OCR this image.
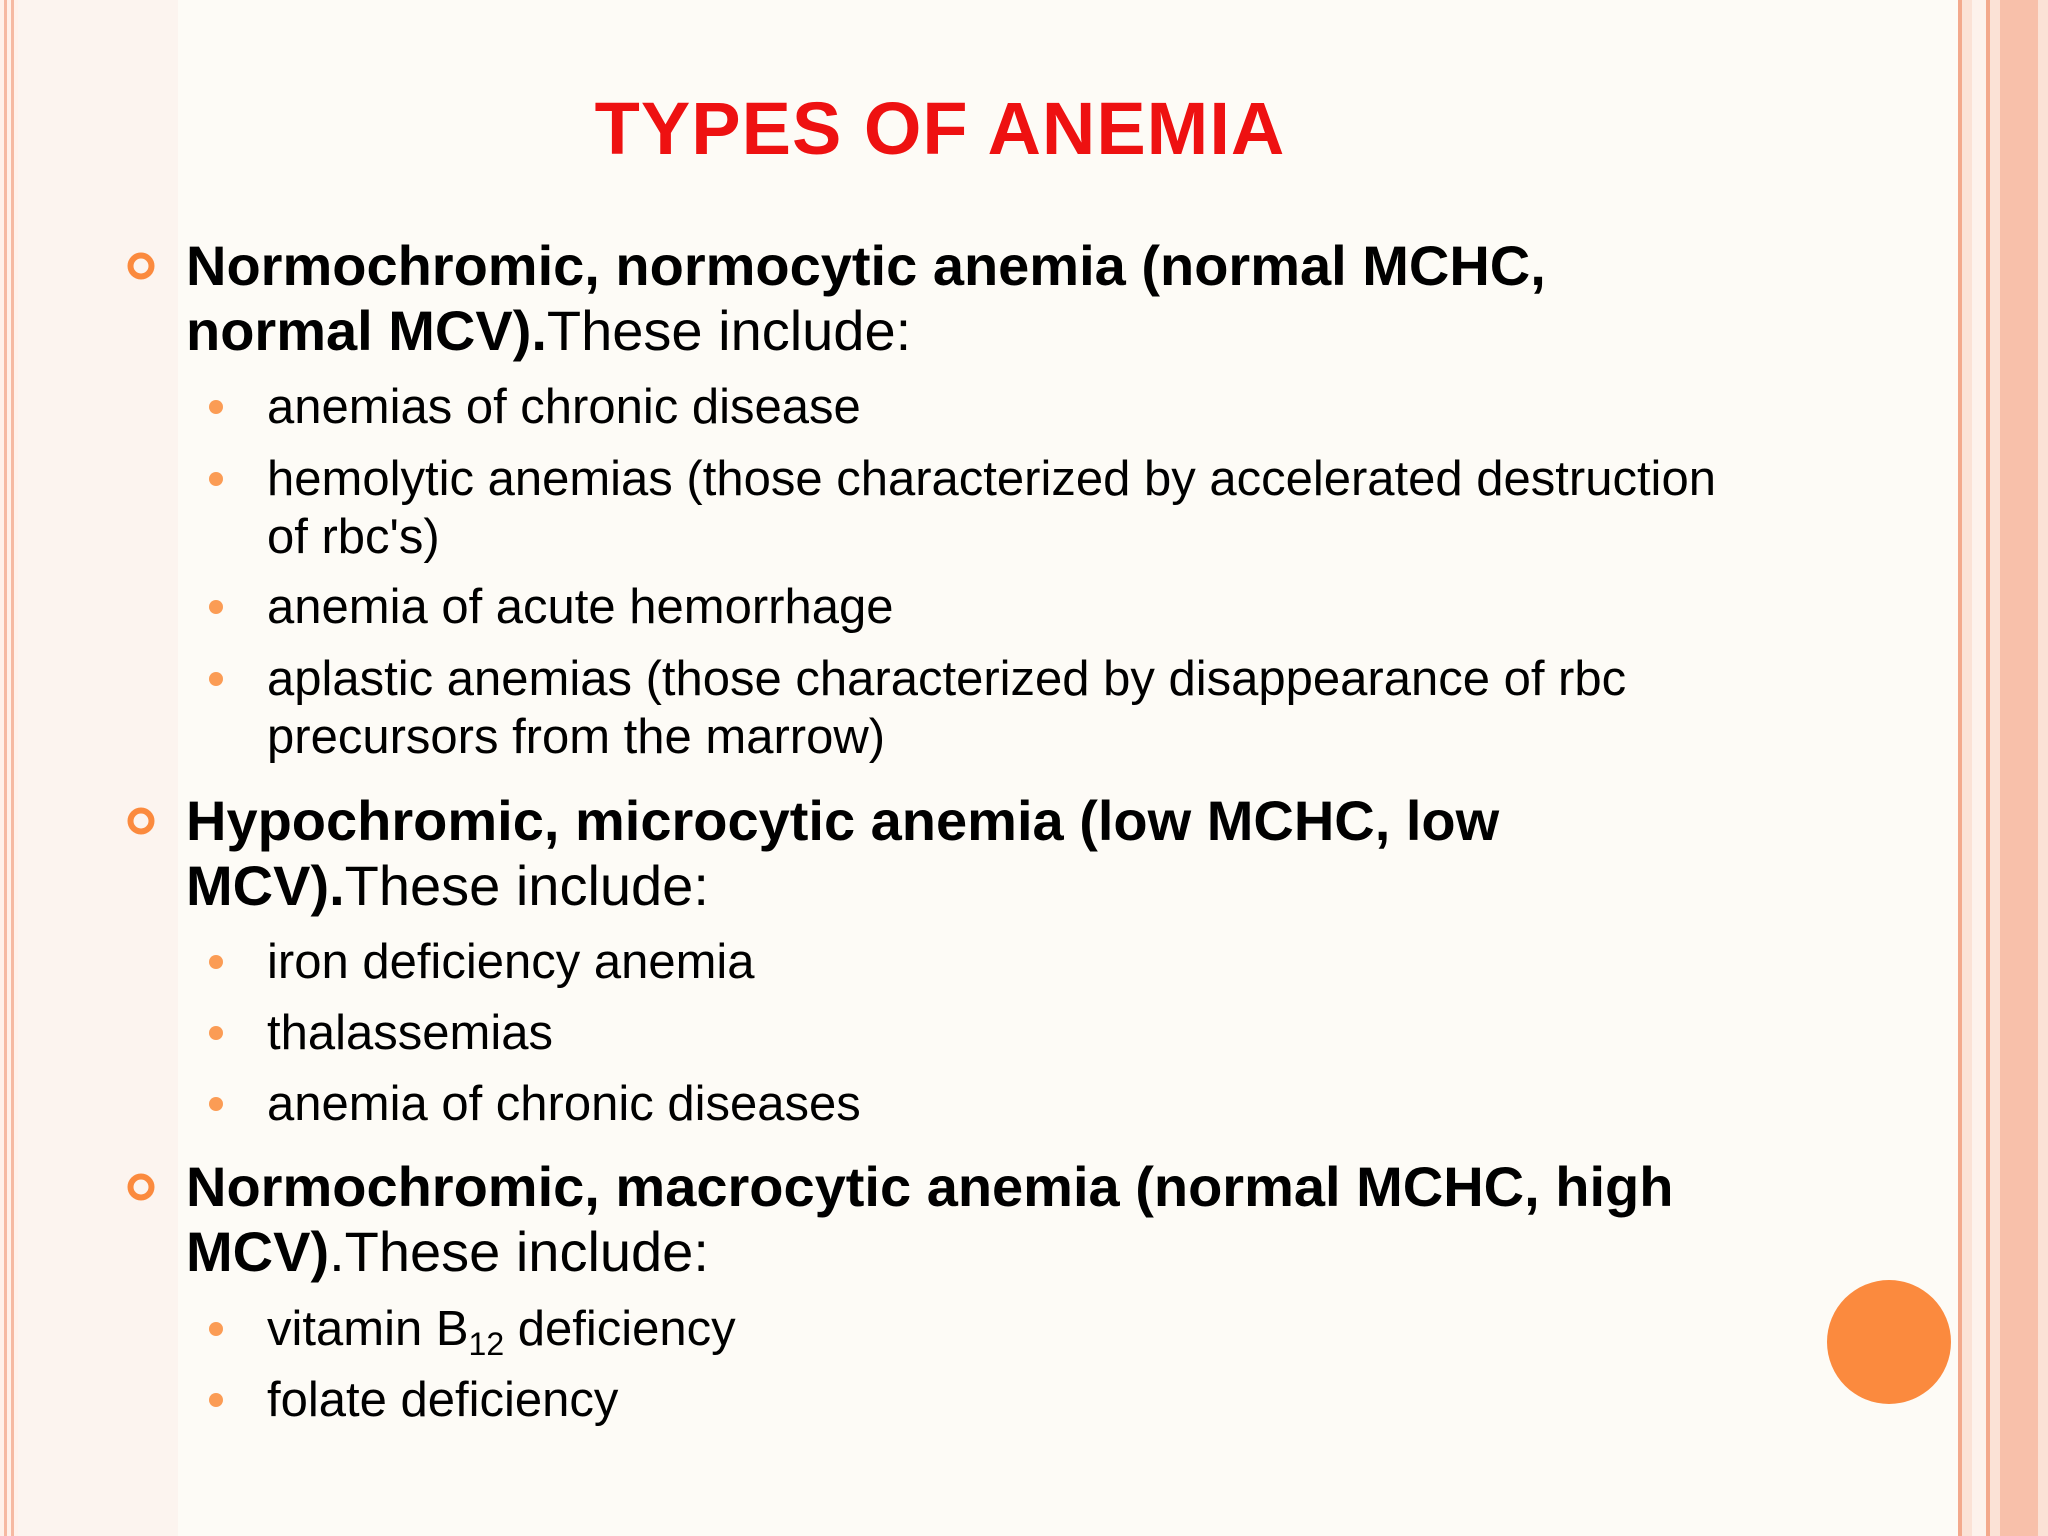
TYPES OF ANEMIA

Normochromic, normocytic anemia (normal MCHC, normal MCV).These include:

anemias of chronic disease
hemolytic anemias (those characterized by accelerated destruction of rbc's)
anemia of acute hemorrhage
aplastic anemias (those characterized by disappearance of rbc precursors from the marrow)

Hypochromic, microcytic anemia (low MCHC, low MCV).These include:

iron deficiency anemia
thalassemias
anemia of chronic diseases

Normochromic, macrocytic anemia (normal MCHC, high MCV).These include:

vitamin $B_{12}$ deficiency
folate deficiency
